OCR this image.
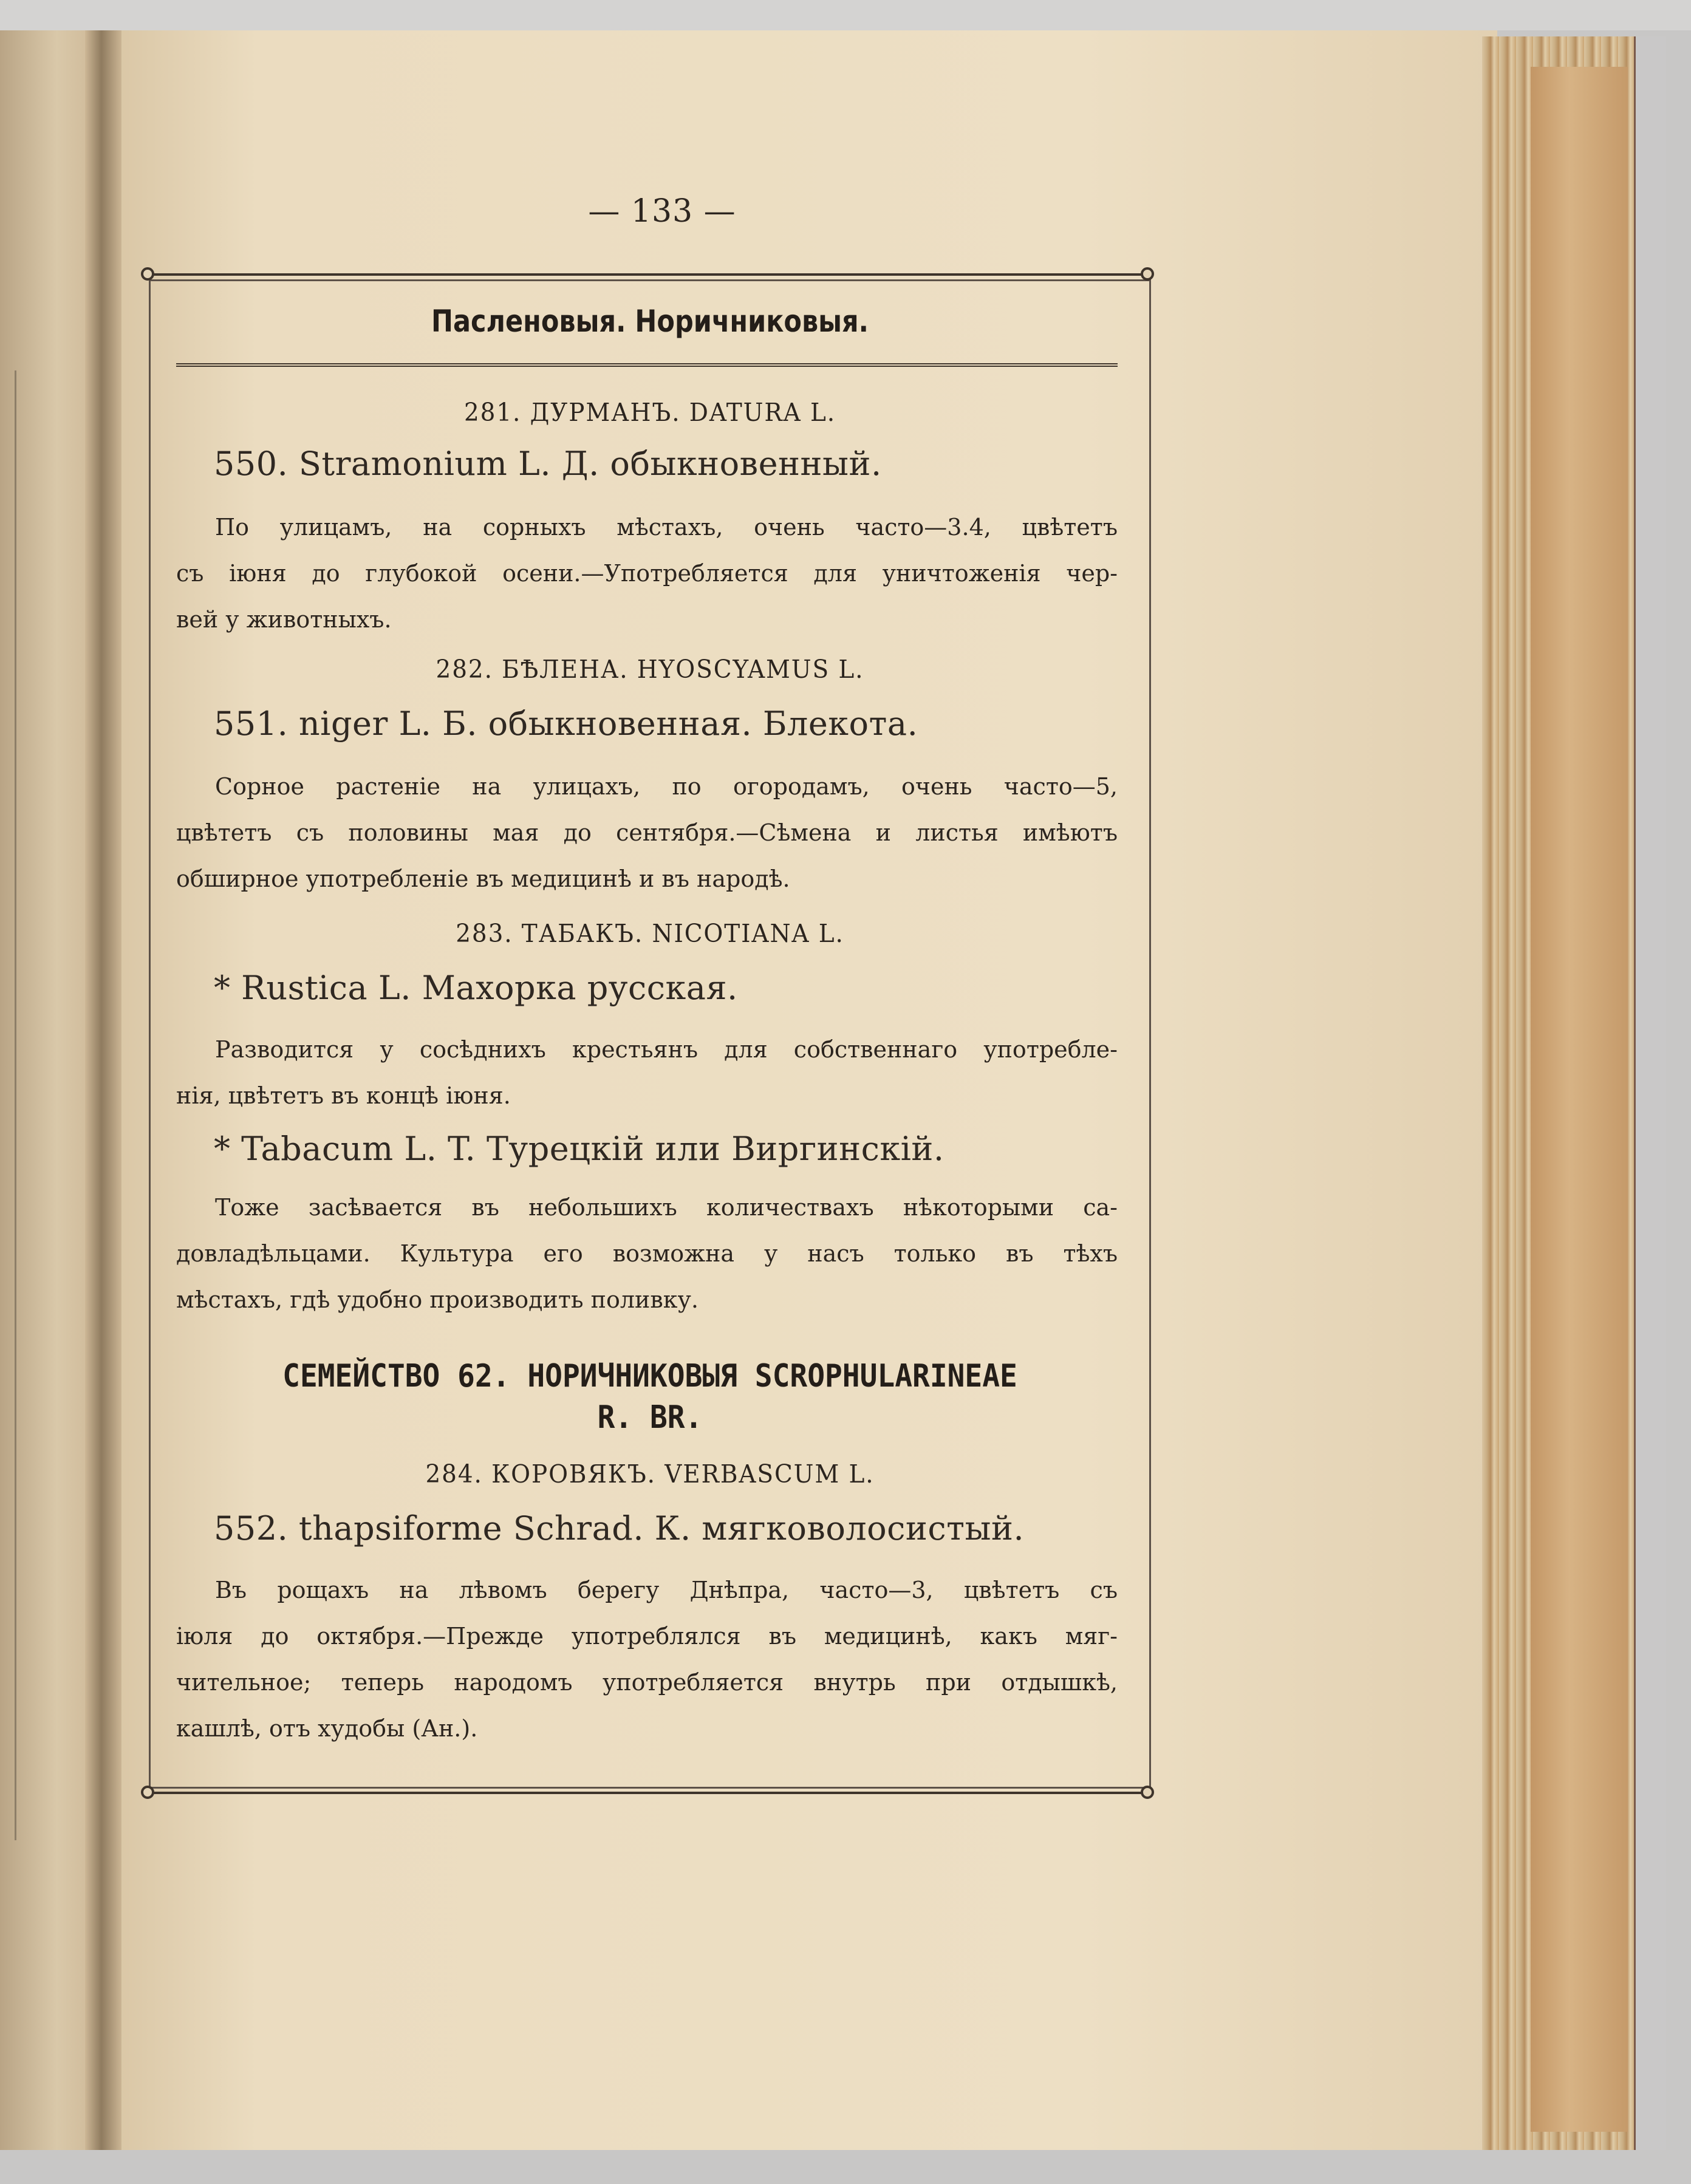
— 133 —
Пасленовыя. Норичниковыя.
281. ДУРМАНЪ. DATURA L.
550. Stramonium L. Д. обыкновенный.
По улицамъ, на сорныхъ мѣстахъ, очень часто—3.4, цвѣтетъ
съ іюня до глубокой осени.—Употребляется для уничтоженія чер-
вей у животныхъ.
282. БѢЛЕНА. HYOSCYAMUS L.
551. niger L. Б. обыкновенная. Блекота.
Сорное растеніе на улицахъ, по огородамъ, очень часто—5,
цвѣтетъ съ половины мая до сентября.—Сѣмена и листья имѣютъ
обширное употребленіе въ медицинѣ и въ народѣ.
283. ТАБАКЪ. NICOTIANA L.
* Rustica L. Махорка русская.
Разводится у сосѣднихъ крестьянъ для собственнаго употребле-
нія, цвѣтетъ въ концѣ іюня.
* Tabacum L. T. Турецкій или Виргинскій.
Тоже засѣвается въ небольшихъ количествахъ нѣкоторыми са-
довладѣльцами. Культура его возможна у насъ только въ тѣхъ
мѣстахъ, гдѣ удобно производить поливку.
СЕМЕЙСТВО 62. НОРИЧНИКОВЫЯ SCROPHULARINEAE
R. BR.
284. КОРОВЯКЪ. VERBASCUM L.
552. thapsiforme Schrad. К. мягковолосистый.
Въ рощахъ на лѣвомъ берегу Днѣпра, часто—3, цвѣтетъ съ
іюля до октября.—Прежде употреблялся въ медицинѣ, какъ мяг-
чительное; теперь народомъ употребляется внутрь при отдышкѣ,
кашлѣ, отъ худобы (Ан.).
